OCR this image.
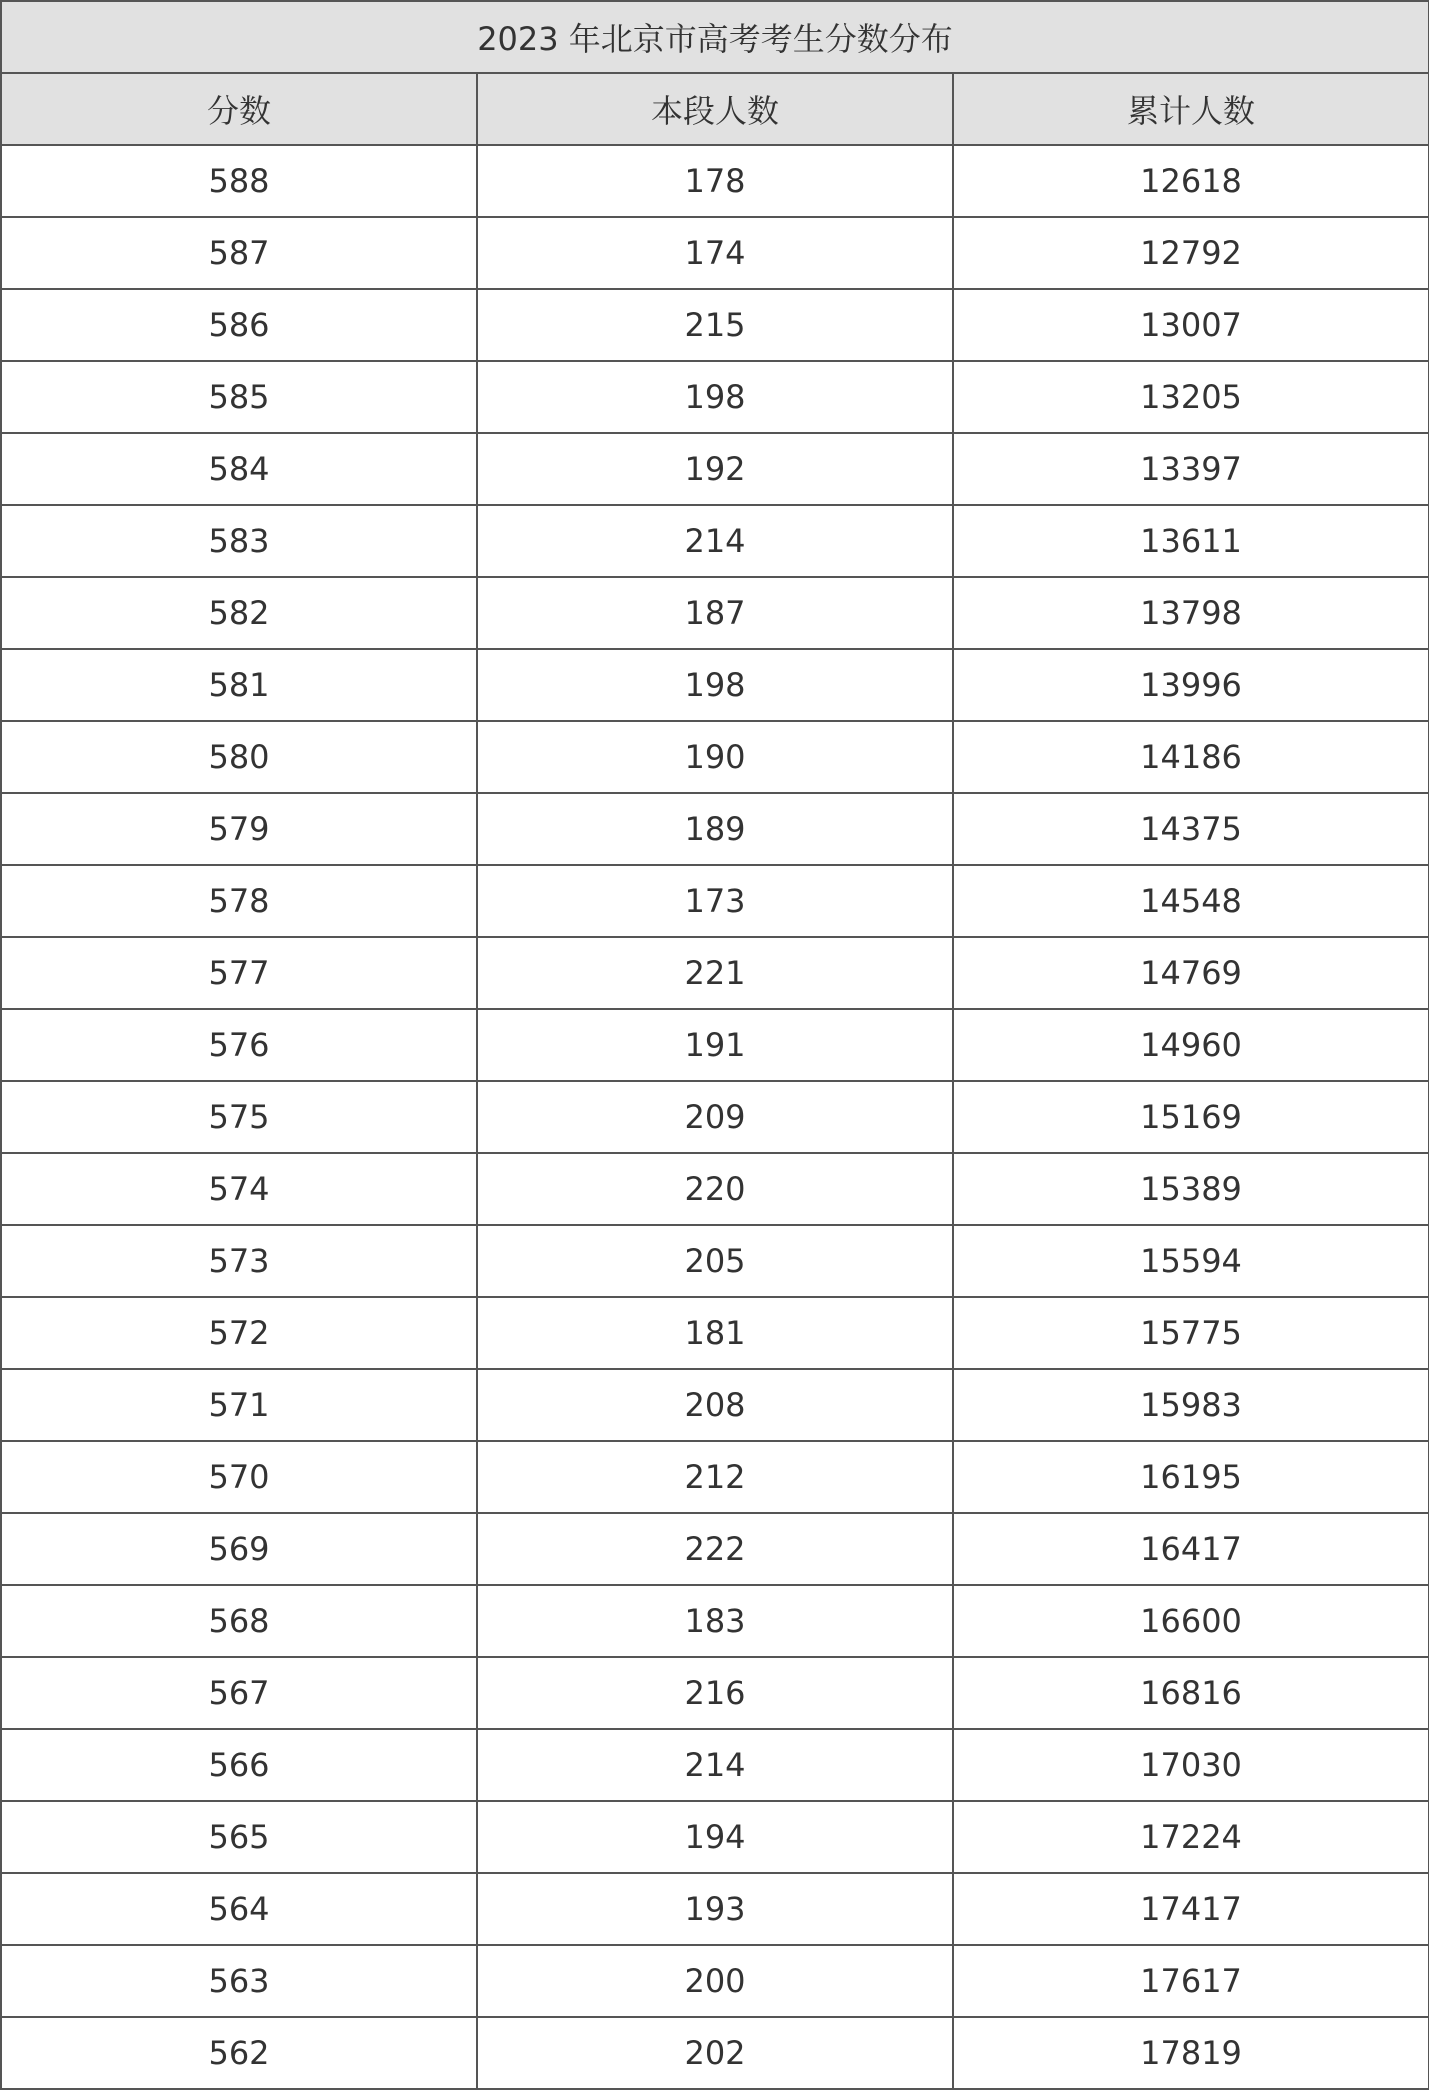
2023 年北京市高考考生分数分布		
分数	本段人数	累计人数
588	178	12618
587	174	12792
586	215	13007
585	198	13205
584	192	13397
583	214	13611
582	187	13798
581	198	13996
580	190	14186
579	189	14375
578	173	14548
577	221	14769
576	191	14960
575	209	15169
574	220	15389
573	205	15594
572	181	15775
571	208	15983
570	212	16195
569	222	16417
568	183	16600
567	216	16816
566	214	17030
565	194	17224
564	193	17417
563	200	17617
562	202	17819
